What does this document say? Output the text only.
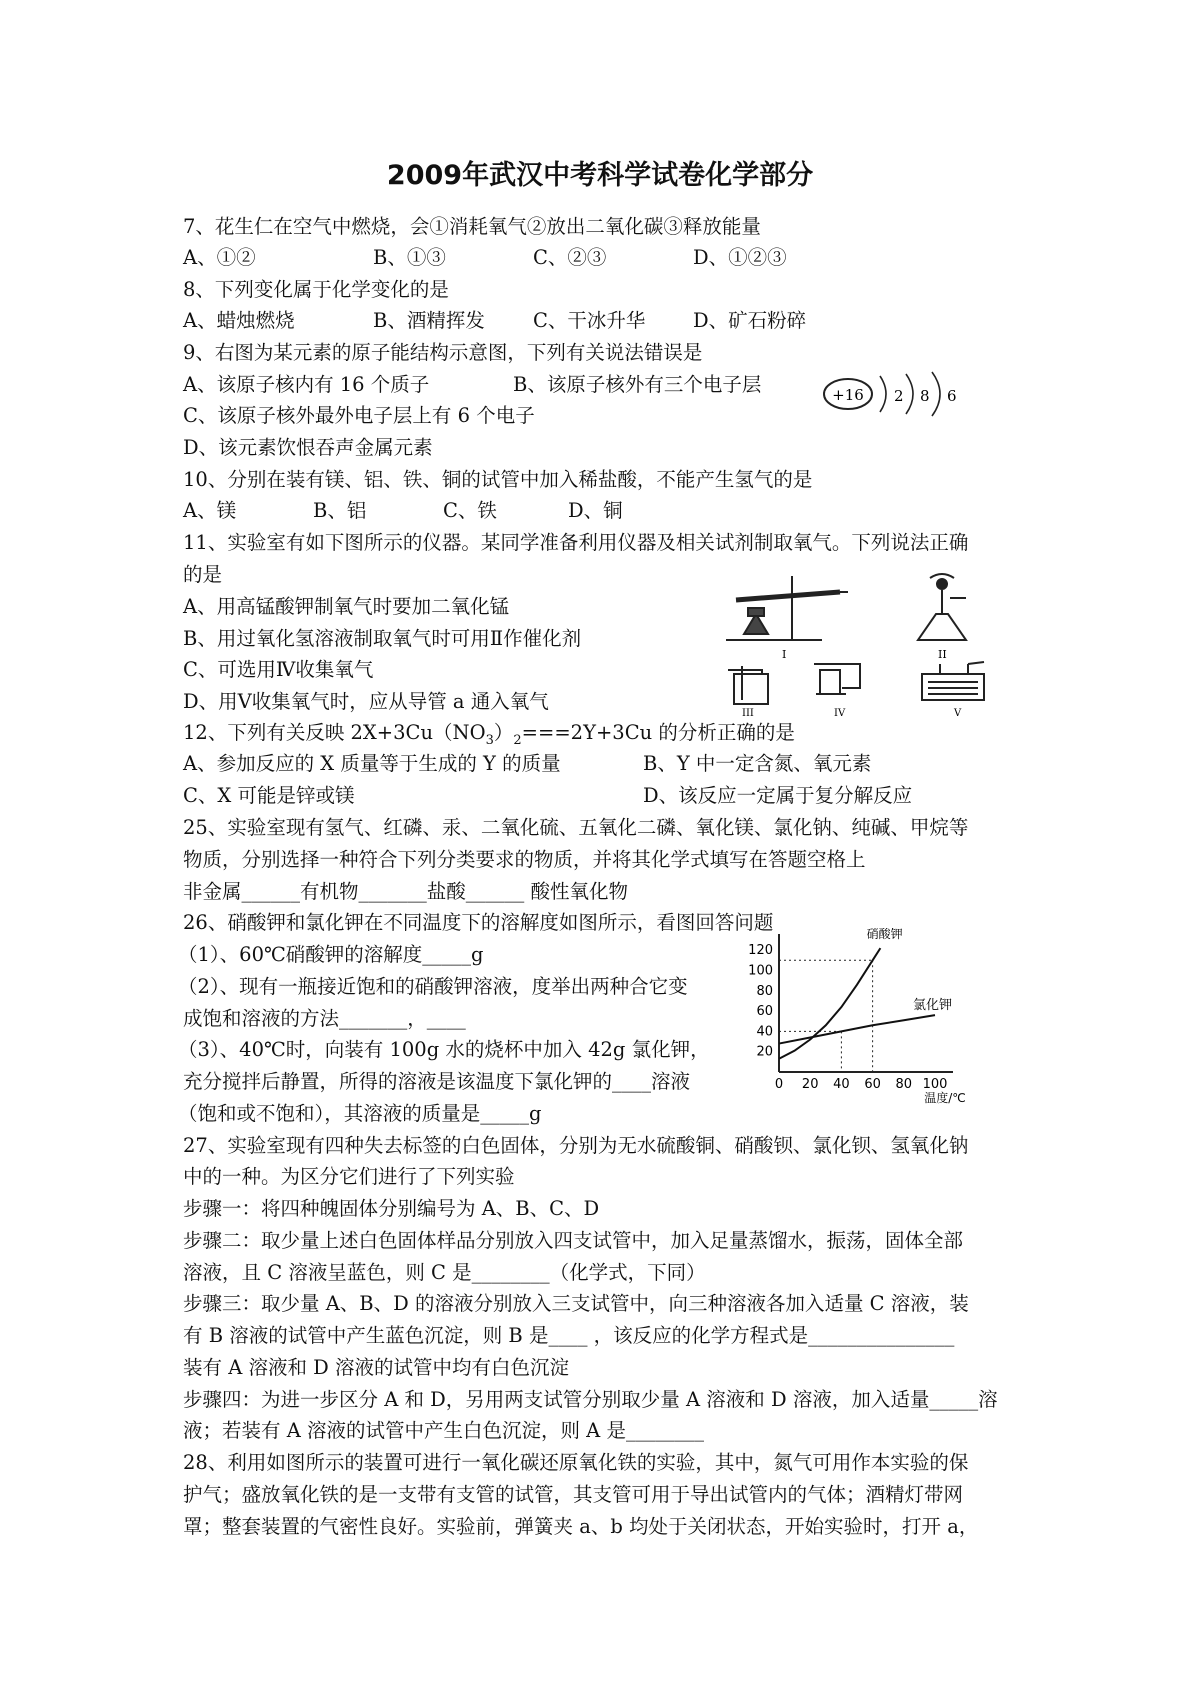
2009年武汉中考科学试卷化学部分
7、花生仁在空气中燃烧，会①消耗氧气②放出二氧化碳③释放能量
A、①②	B、①③	C、②③	D、①②③
8、下列变化属于化学变化的是
A、蜡烛燃烧	B、酒精挥发 C、干冰升华 D、矿石粉碎
9、右图为某元素的原子能结构示意图，下列有关说法错误是
A、该原子核内有 16 个质子	B、该原子核外有三个电子层
C、该原子核外最外电子层上有 6 个电子
D、该元素饮恨吞声金属元素
+16 2 8 6
10、分别在装有镁、铝、铁、铜的试管中加入稀盐酸，不能产生氢气的是
A、镁	B、铝	C、铁	D、铜
11、实验室有如下图所示的仪器。某同学准备利用仪器及相关试剂制取氧气。下列说法正确
的是
A、用高锰酸钾制氧气时要加二氧化锰
B、用过氧化氢溶液制取氧气时可用Ⅱ作催化剂
C、可选用Ⅳ收集氧气
D、用Ⅴ收集氧气时，应从导管 a 通入氧气
I	II
III	IV	V
12、下列有关反映 $2X+3Cu(NO_3)_2===2Y+3Cu$ 的分析正确的是
A、参加反应的 X 质量等于生成的 Y 的质量	B、Y 中一定含氮、氧元素
C、X 可能是锌或镁	D、该反应一定属于复分解反应
25、实验室现有氢气、红磷、汞、二氧化硫、五氧化二磷、氧化镁、氯化钠、纯碱、甲烷等
物质，分别选择一种符合下列分类要求的物质，并将其化学式填写在答题空格上
非金属______有机物_______盐酸______ 酸性氧化物
26、硝酸钾和氯化钾在不同温度下的溶解度如图所示，看图回答问题
（1）、60℃硝酸钾的溶解度_____g
（2）、现有一瓶接近饱和的硝酸钾溶液，度举出两种合它变
成饱和溶液的方法_______，____
（3）、40℃时，向装有 100g 水的烧杯中加入 42g 氯化钾，
充分搅拌后静置，所得的溶液是该温度下氯化钾的____溶液
（饱和或不饱和），其溶液的质量是_____g
0 20 40 60 80 100
20
40
60
80
100
120
温度/℃
硝酸钾
氯化钾
27、实验室现有四种失去标签的白色固体，分别为无水硫酸铜、硝酸钡、氯化钡、氢氧化钠
中的一种。为区分它们进行了下列实验
步骤一：将四种魄固体分别编号为 A、B、C、D
步骤二：取少量上述白色固体样品分别放入四支试管中，加入足量蒸馏水，振荡，固体全部
溶液，且 C 溶液呈蓝色，则 C 是________（化学式，下同）
步骤三：取少量 A、B、D 的溶液分别放入三支试管中，向三种溶液各加入适量 C 溶液，装
有 B 溶液的试管中产生蓝色沉淀，则 B 是____ ，该反应的化学方程式是_______________
装有 A 溶液和 D 溶液的试管中均有白色沉淀
步骤四：为进一步区分 A 和 D，另用两支试管分别取少量 A 溶液和 D 溶液，加入适量_____溶
液；若装有 A 溶液的试管中产生白色沉淀，则 A 是________
28、利用如图所示的装置可进行一氧化碳还原氧化铁的实验，其中，氮气可用作本实验的保
护气；盛放氧化铁的是一支带有支管的试管，其支管可用于导出试管内的气体；酒精灯带网
罩；整套装置的气密性良好。实验前，弹簧夹 a、b 均处于关闭状态，开始实验时，打开 a，
